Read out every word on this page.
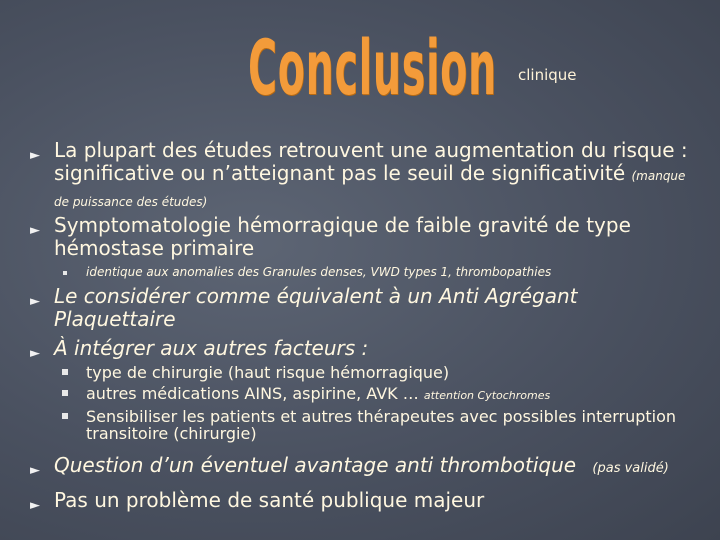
Conclusion clinique
► La plupart des études retrouvent une augmentation du risque : significative ou n’atteignant pas le seuil de significativité (manque de puissance des études)
► Symptomatologie hémorragique de faible gravité de type hémostase primaire
identique aux anomalies des Granules denses, VWD types 1, thrombopathies
► Le considérer comme équivalent à un Anti Agrégant Plaquettaire
► À intégrer aux autres facteurs :
type de chirurgie (haut risque hémorragique)
autres médications AINS, aspirine, AVK … attention Cytochromes
Sensibiliser les patients et autres thérapeutes avec possibles interruption transitoire (chirurgie)
► Question d’un éventuel avantage anti thrombotique (pas validé)
► Pas un problème de santé publique majeur
